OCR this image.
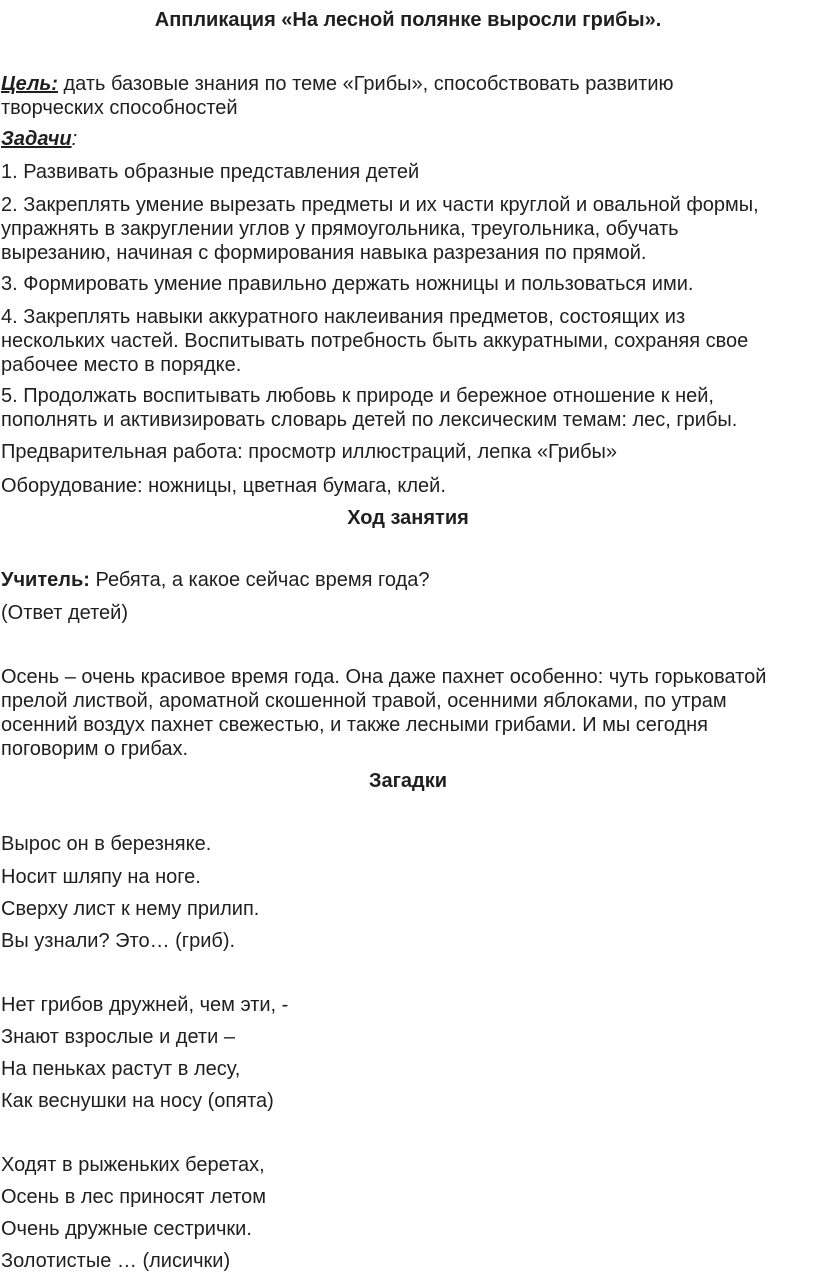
Аппликация «На лесной полянке выросли грибы».
Цель: дать базовые знания по теме «Грибы», способствовать развитию
творческих способностей
Задачи:
1. Развивать образные представления детей
2. Закреплять умение вырезать предметы и их части круглой и овальной формы,
упражнять в закруглении углов у прямоугольника, треугольника, обучать
вырезанию, начиная с формирования навыка разрезания по прямой.
3. Формировать умение правильно держать ножницы и пользоваться ими.
4. Закреплять навыки аккуратного наклеивания предметов, состоящих из
нескольких частей. Воспитывать потребность быть аккуратными, сохраняя свое
рабочее место в порядке.
5. Продолжать воспитывать любовь к природе и бережное отношение к ней,
пополнять и активизировать словарь детей по лексическим темам: лес, грибы.
Предварительная работа: просмотр иллюстраций, лепка «Грибы»
Оборудование: ножницы, цветная бумага, клей.
Ход занятия
Учитель: Ребята, а какое сейчас время года?
(Ответ детей)
Осень – очень красивое время года. Она даже пахнет особенно: чуть горьковатой
прелой листвой, ароматной скошенной травой, осенними яблоками, по утрам
осенний воздух пахнет свежестью, и также лесными грибами. И мы сегодня
поговорим о грибах.
Загадки
Вырос он в березняке.
Носит шляпу на ноге.
Сверху лист к нему прилип.
Вы узнали? Это… (гриб).
Нет грибов дружней, чем эти, -
Знают взрослые и дети –
На пеньках растут в лесу,
Как веснушки на носу (опята)
Ходят в рыженьких беретах,
Осень в лес приносят летом
Очень дружные сестрички.
Золотистые … (лисички)
